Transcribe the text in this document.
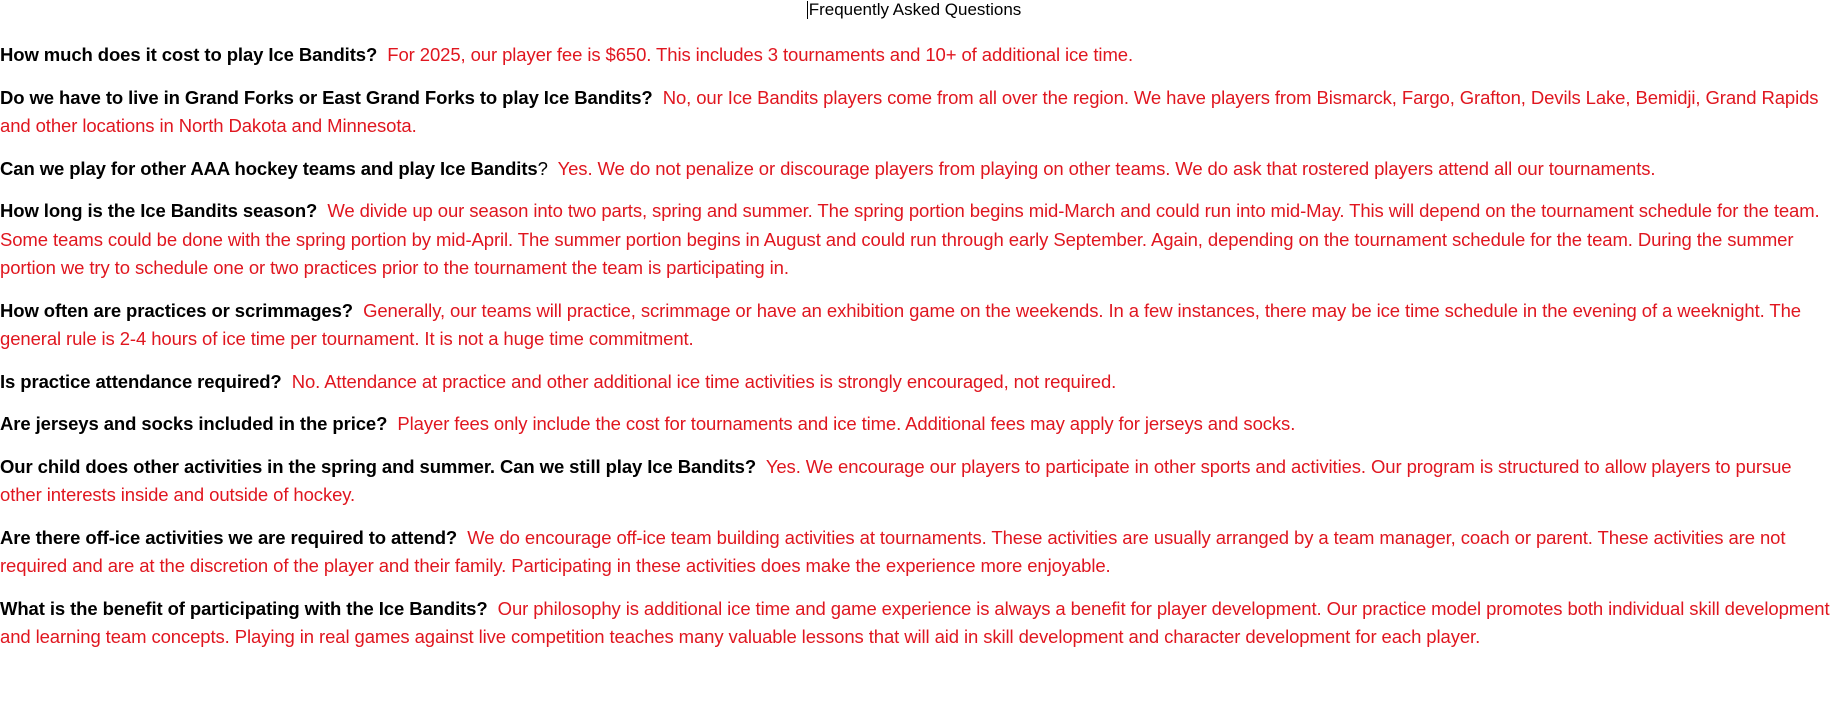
Frequently Asked Questions

How much does it cost to play Ice Bandits? For 2025, our player fee is $650. This includes 3 tournaments and 10+ of additional ice time.

Do we have to live in Grand Forks or East Grand Forks to play Ice Bandits? No, our Ice Bandits players come from all over the region. We have players from Bismarck, Fargo, Grafton, Devils Lake, Bemidji, Grand Rapids and other locations in North Dakota and Minnesota.

Can we play for other AAA hockey teams and play Ice Bandits? Yes. We do not penalize or discourage players from playing on other teams. We do ask that rostered players attend all our tournaments.

How long is the Ice Bandits season? We divide up our season into two parts, spring and summer. The spring portion begins mid-March and could run into mid-May. This will depend on the tournament schedule for the team. Some teams could be done with the spring portion by mid-April. The summer portion begins in August and could run through early September. Again, depending on the tournament schedule for the team. During the summer portion we try to schedule one or two practices prior to the tournament the team is participating in.

How often are practices or scrimmages? Generally, our teams will practice, scrimmage or have an exhibition game on the weekends. In a few instances, there may be ice time schedule in the evening of a weeknight. The general rule is 2-4 hours of ice time per tournament. It is not a huge time commitment.

Is practice attendance required? No. Attendance at practice and other additional ice time activities is strongly encouraged, not required.

Are jerseys and socks included in the price? Player fees only include the cost for tournaments and ice time. Additional fees may apply for jerseys and socks.

Our child does other activities in the spring and summer. Can we still play Ice Bandits? Yes. We encourage our players to participate in other sports and activities. Our program is structured to allow players to pursue other interests inside and outside of hockey.

Are there off-ice activities we are required to attend? We do encourage off-ice team building activities at tournaments. These activities are usually arranged by a team manager, coach or parent. These activities are not required and are at the discretion of the player and their family. Participating in these activities does make the experience more enjoyable.

What is the benefit of participating with the Ice Bandits? Our philosophy is additional ice time and game experience is always a benefit for player development. Our practice model promotes both individual skill development and learning team concepts. Playing in real games against live competition teaches many valuable lessons that will aid in skill development and character development for each player.
